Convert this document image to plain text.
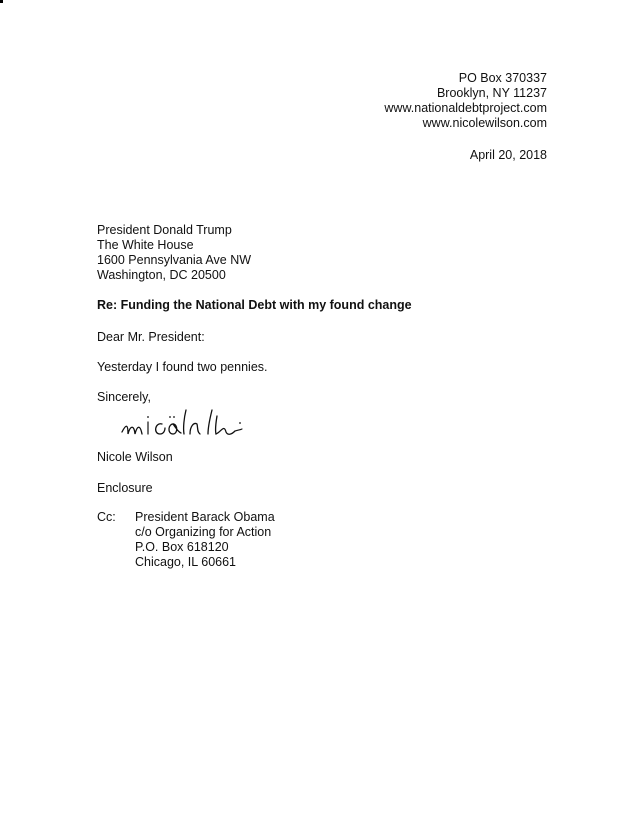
PO Box 370337
Brooklyn, NY 11237
www.nationaldebtproject.com
www.nicolewilson.com
April 20, 2018
President Donald Trump
The White House
1600 Pennsylvania Ave NW
Washington, DC 20500
Re: Funding the National Debt with my found change
Dear Mr. President:
Yesterday I found two pennies.
Sincerely,
Nicole Wilson
Enclosure
Cc: President Barack Obama
c/o Organizing for Action
P.O. Box 618120
Chicago, IL 60661
